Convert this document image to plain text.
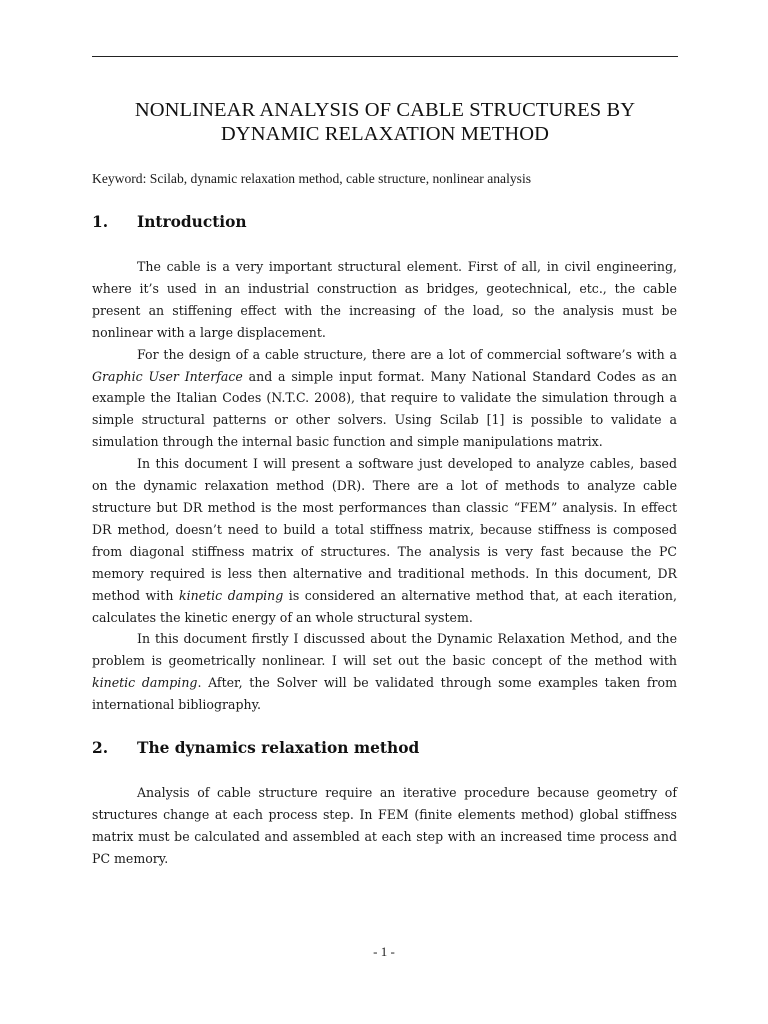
NONLINEAR ANALYSIS OF CABLE STRUCTURES BY
DYNAMIC RELAXATION METHOD

Keyword: Scilab, dynamic relaxation method, cable structure, nonlinear analysis

1. Introduction

The cable is a very important structural element. First of all, in civil engineering, where it’s used in an industrial construction as bridges, geotechnical, etc., the cable present an stiffening effect with the increasing of the load, so the analysis must be nonlinear with a large displacement.

For the design of a cable structure, there are a lot of commercial software’s with a Graphic User Interface and a simple input format. Many National Standard Codes as an example the Italian Codes (N.T.C. 2008), that require to validate the simulation through a simple structural patterns or other solvers. Using Scilab [1] is possible to validate a simulation through the internal basic function and simple manipulations matrix.

In this document I will present a software just developed to analyze cables, based on the dynamic relaxation method (DR). There are a lot of methods to analyze cable structure but DR method is the most performances than classic “FEM” analysis. In effect DR method, doesn’t need to build a total stiffness matrix, because stiffness is composed from diagonal stiffness matrix of structures. The analysis is very fast because the PC memory required is less then alternative and traditional methods. In this document, DR method with kinetic damping is considered an alternative method that, at each iteration, calculates the kinetic energy of an whole structural system.

In this document firstly I discussed about the Dynamic Relaxation Method, and the problem is geometrically nonlinear. I will set out the basic concept of the method with kinetic damping. After, the Solver will be validated through some examples taken from international bibliography.

2. The dynamics relaxation method

Analysis of cable structure require an iterative procedure because geometry of structures change at each process step. In FEM (finite elements method) global stiffness matrix must be calculated and assembled at each step with an increased time process and PC memory.

- 1 -
